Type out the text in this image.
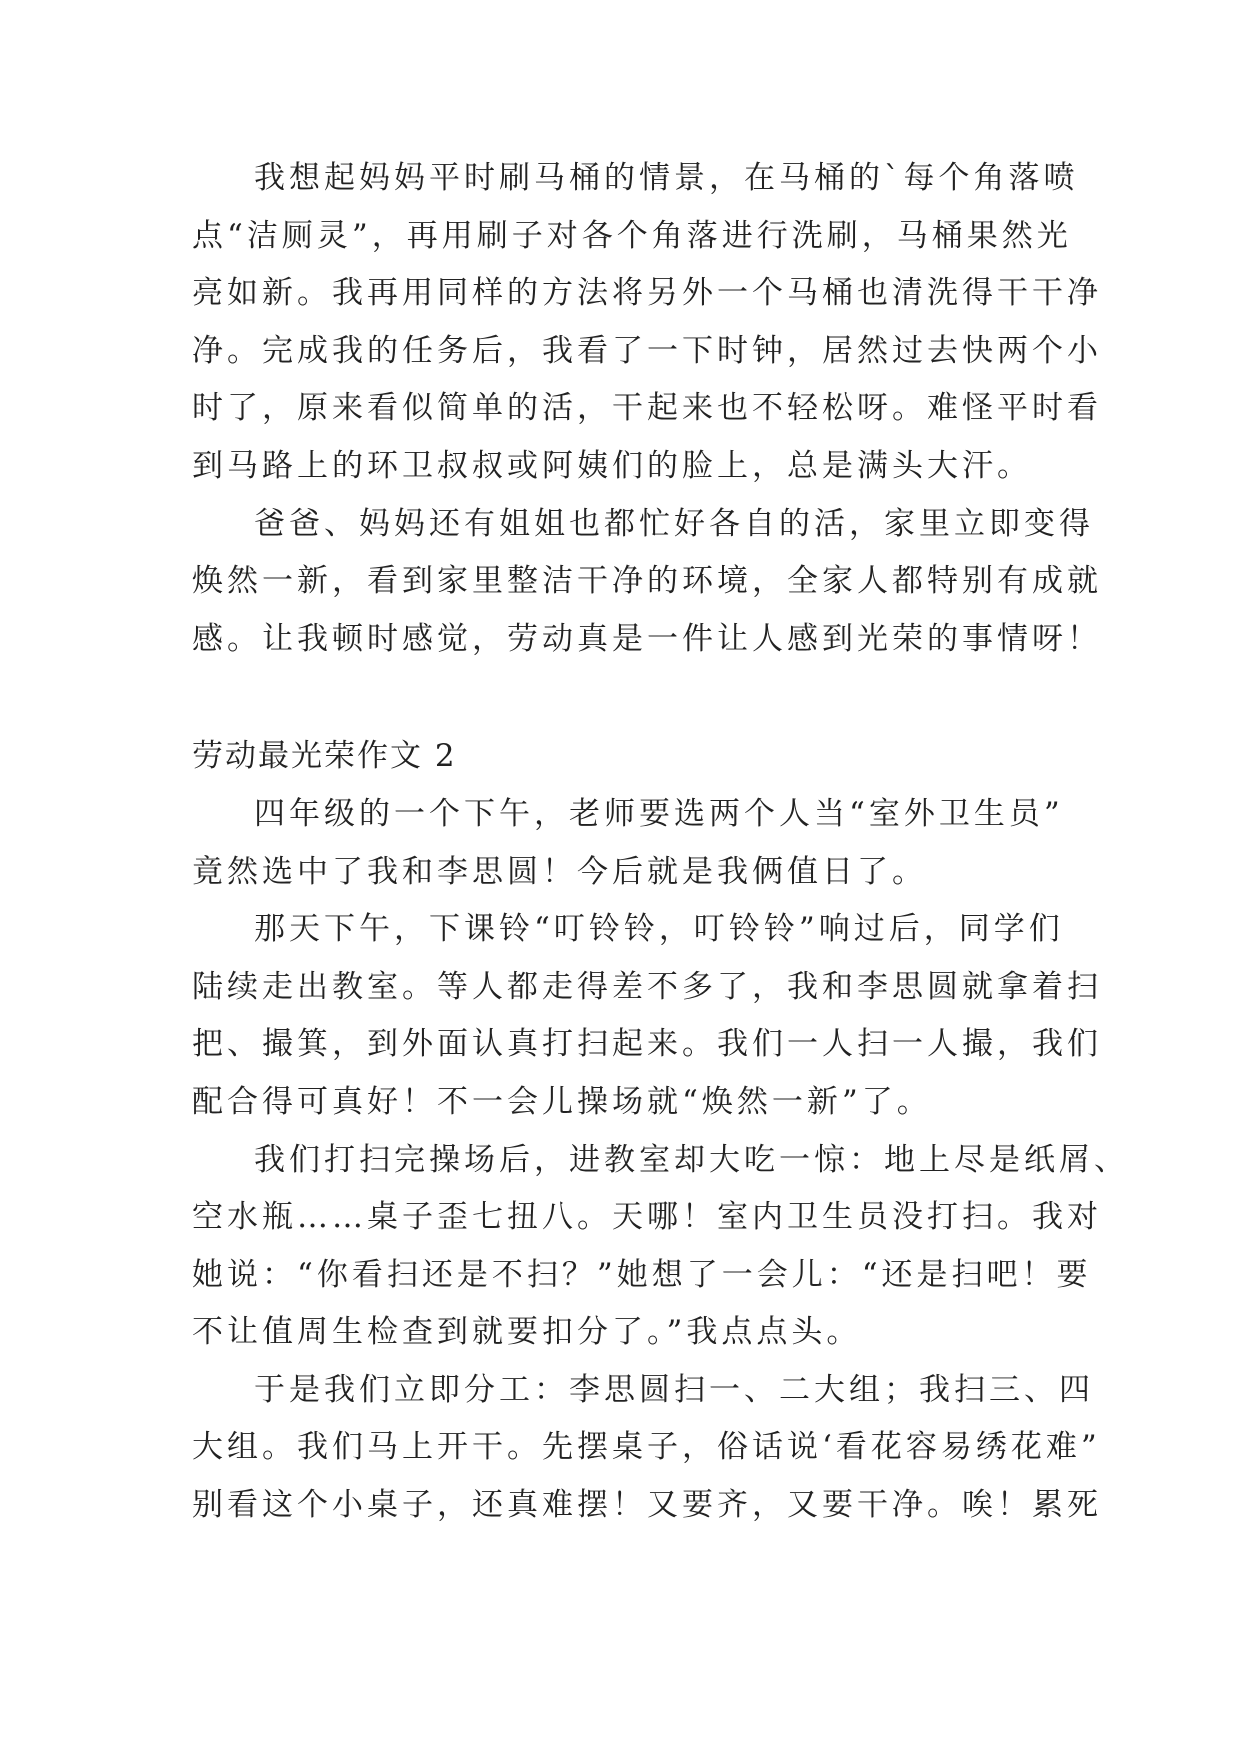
我想起妈妈平时刷马桶的情景，在马桶的`每个角落喷

点“洁厕灵”，再用刷子对各个角落进行洗刷，马桶果然光

亮如新。我再用同样的方法将另外一个马桶也清洗得干干净

净。完成我的任务后，我看了一下时钟，居然过去快两个小

时了，原来看似简单的活，干起来也不轻松呀。难怪平时看

到马路上的环卫叔叔或阿姨们的脸上，总是满头大汗。

爸爸、妈妈还有姐姐也都忙好各自的活，家里立即变得

焕然一新，看到家里整洁干净的环境，全家人都特别有成就

感。让我顿时感觉，劳动真是一件让人感到光荣的事情呀！

劳动最光荣作文 2

四年级的一个下午，老师要选两个人当“室外卫生员”

竟然选中了我和李思圆！今后就是我俩值日了。

那天下午，下课铃“叮铃铃，叮铃铃”响过后，同学们

陆续走出教室。等人都走得差不多了，我和李思圆就拿着扫

把、撮箕，到外面认真打扫起来。我们一人扫一人撮，我们

配合得可真好！不一会儿操场就“焕然一新”了。

我们打扫完操场后，进教室却大吃一惊：地上尽是纸屑、

空水瓶……桌子歪七扭八。天哪！室内卫生员没打扫。我对

她说：“你看扫还是不扫？”她想了一会儿：“还是扫吧！要

不让值周生检查到就要扣分了。”我点点头。

于是我们立即分工：李思圆扫一、二大组；我扫三、四

大组。我们马上开干。先摆桌子，俗话说‘看花容易绣花难”

别看这个小桌子，还真难摆！又要齐，又要干净。唉！累死
